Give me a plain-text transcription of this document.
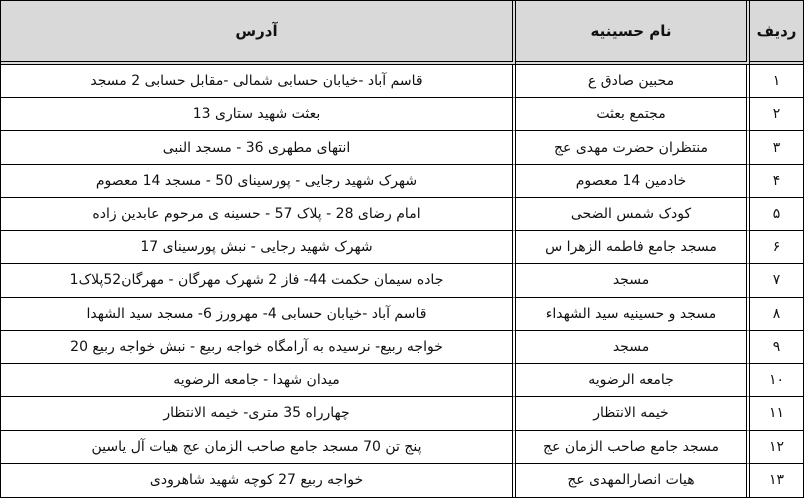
آدرس	نام حسینیه	ردیف
قاسم آباد -خیابان حسابی شمالی -مقابل حسابی 2 مسجد	محبین صادق ع	۱
بعثت شهید ستاری 13	مجتمع بعثت	۲
انتهای مطهری 36 - مسجد النبی	منتظران حضرت مهدی عج	۳
شهرک شهید رجایی - پورسینای 50 - مسجد 14 معصوم	خادمین 14 معصوم	۴
امام رضای 28 - پلاک 57 - حسینه ی مرحوم عابدین زاده	کودک شمس الضحی	۵
شهرک شهید رجایی - نبش پورسینای 17	مسجد جامع فاطمه الزهرا س	۶
جاده سیمان حکمت 44- فاز 2 شهرک مهرگان - مهرگان52پلاک1	مسجد	۷
قاسم آباد -خیابان حسابی 4- مهرورز 6- مسجد سید الشهدا	مسجد و حسینیه سید الشهداء	۸
خواجه ربیع- نرسیده به آرامگاه خواجه ربیع - نبش خواجه ربیع 20	مسجد	۹
میدان شهدا - جامعه الرضویه	جامعه الرضویه	۱۰
چهارراه 35 متری- خیمه الانتظار	خیمه الانتظار	۱۱
پنج تن 70 مسجد جامع صاحب الزمان عج هیات آل یاسین	مسجد جامع صاحب الزمان عج	۱۲
خواجه ربیع 27 کوچه شهید شاهرودی	هیات انصارالمهدی عج	۱۳
